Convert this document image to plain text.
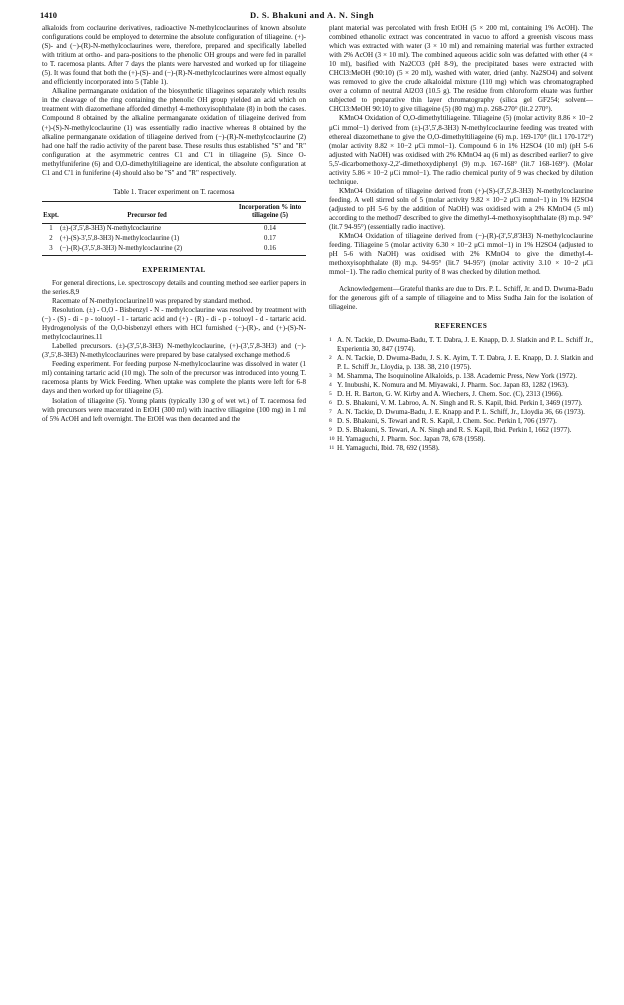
1410	D. S. Bhakuni and A. N. Singh

alkaloids from coclaurine derivatives, radioactive N-methylcoclaurines of known absolute configurations could be employed to determine the absolute configuration of tiliageine. (+)-(S)- and (−)-(R)-N-methylcoclaurines were, therefore, prepared and specifically labelled with tritium at ortho- and para-positions to the phenolic OH groups and were fed in parallel to T. racemosa plants. After 7 days the plants were harvested and worked up for tiliageine (5). It was found that both the (+)-(S)- and (−)-(R)-N-methylcoclaurines were almost equally and efficiently incorporated into 5 (Table 1).

Alkaline permanganate oxidation of the biosynthetic tiliageines separately which results in the cleavage of the ring containing the phenolic OH group yielded an acid which on treatment with diazomethane afforded dimethyl 4-methoxyisophthalate (8) in both the cases. Compound 8 obtained by the alkaline permanganate oxidation of tiliageine derived from (+)-(S)-N-methylcoclaurine (1) was essentially radio inactive whereas 8 obtained by the alkaline permanganate oxidation of tiliageine derived from (−)-(R)-N-methylcoclaurine (2) had one half the radio activity of the parent base. These results thus established "S" and "R" configuration at the asymmetric centres C1 and C'1 in tiliageine (5). Since O-methylfuniferine (6) and O,O-dimethyltiliageine are identical, the absolute configuration at C1 and C'1 in funiferine (4) should also be "S" and "R" respectively.

Table 1. Tracer experiment on T. racemosa
Expt.	Precursor fed	Incorporation % into tiliageine (5)
1	(±)-(3',5',8-3H3) N-methylcoclaurine	0.14
2	(+)-(S)-3',5',8-3H3) N-methylcoclaurine (1)	0.17
3	(−)-(R)-(3',5',8-3H3) N-methylcoclaurine (2)	0.16
EXPERIMENTAL

For general directions, i.e. spectroscopy details and counting method see earlier papers in the series.8,9

Racemate of N-methylcoclaurine10 was prepared by standard method.

Resolution. (±) - O,O - Bisbenzyl - N - methylcoclaurine was resolved by treatment with (−) - (S) - di - p - toluoyl - l - tartaric acid and (+) - (R) - di - p - toluoyl - d - tartaric acid. Hydrogenolysis of the O,O-bisbenzyl ethers with HCl furnished (−)-(R)-, and (+)-(S)-N-methylcoclaurines.11

Labelled precursors. (±)-(3',5',8-3H3) N-methylcoclaurine, (+)-(3',5',8-3H3) and (−)-(3',5',8-3H3) N-methylcoclaurines were prepared by base catalysed exchange method.6

Feeding experiment. For feeding purpose N-methylcoclaurine was dissolved in water (1 ml) containing tartaric acid (10 mg). The soln of the precursor was introduced into young T. racemosa plants by Wick Feeding. When uptake was complete the plants were left for 6-8 days and then worked up for tiliageine (5).

Isolation of tiliageine (5). Young plants (typically 130 g of wet wt.) of T. racemosa fed with precursors were macerated in EtOH (300 ml) with inactive tiliageine (100 mg) in 1 ml of 5% AcOH and left overnight. The EtOH was then decanted and the

plant material was percolated with fresh EtOH (5 × 200 ml, containing 1% AcOH). The combined ethanolic extract was concentrated in vacuo to afford a greenish viscous mass which was extracted with water (3 × 10 ml) and remaining material was further extracted with 2% AcOH (3 × 10 ml). The combined aqueous acidic soln was defatted with ether (4 × 10 ml), basified with Na2CO3 (pH 8-9), the precipitated bases were extracted with CHCl3:MeOH (90:10) (5 × 20 ml), washed with water, dried (anhy. Na2SO4) and solvent was removed to give the crude alkaloidal mixture (110 mg) which was chromatographed over a column of neutral Al2O3 (10.5 g). The residue from chloroform eluate was further subjected to preparative thin layer chromatography (silica gel GF254; solvent—CHCl3:MeOH 90:10) to give tiliageine (5) (80 mg) m.p. 268-270° (lit.2 270°).

KMnO4 Oxidation of O,O-dimethyltiliageine. Tiliageine (5) (molar activity 8.86 × 10−2 μCi mmol−1) derived from (±)-(3',5',8-3H3) N-methylcoclaurine feeding was treated with ethereal diazomethane to give the O,O-dimethyltiliageine (6) m.p. 169-170° (lit.1 170-172°) (molar activity 8.82 × 10−2 μCi mmol−1). Compound 6 in 1% H2SO4 (10 ml) (pH 5-6 adjusted with NaOH) was oxidised with 2% KMnO4 aq (6 ml) as described earlier7 to give 5,5'-dicarbomethoxy-2,2'-dimethoxydiphenyl (9) m.p. 167-168° (lit.7 168-169°). (Molar activity 5.86 × 10−2 μCi mmol−1). The radio chemical purity of 9 was checked by dilution technique.

KMnO4 Oxidation of tiliageine derived from (+)-(S)-(3',5',8-3H3) N-methylcoclaurine feeding. A well stirred soln of 5 (molar activity 9.82 × 10−2 μCi mmol−1) in 1% H2SO4 (adjusted to pH 5-6 by the addition of NaOH) was oxidised with a 2% KMnO4 (5 ml) according to the method7 described to give the dimethyl-4-methoxyisophthalate (8) m.p. 94° (lit.7 94-95°) (essentially radio inactive).

KMnO4 Oxidation of tiliageine derived from (−)-(R)-(3',5',8'3H3) N-methylcoclaurine feeding. Tiliageine 5 (molar activity 6.30 × 10−2 μCi mmol−1) in 1% H2SO4 (adjusted to pH 5-6 with NaOH) was oxidised with 2% KMnO4 to give the dimethyl-4-methoxyisophthalate (8) m.p. 94-95° (lit.7 94-95°) (molar activity 3.10 × 10−2 μCi mmol−1). The radio chemical purity of 8 was checked by dilution method.

Acknowledgement—Grateful thanks are due to Drs. P. L. Schiff, Jr. and D. Dwuma-Badu for the generous gift of a sample of tiliageine and to Miss Sudha Jain for the isolation of tiliageine.

REFERENCES
1 A. N. Tackie, D. Dwuma-Badu, T. T. Dabra, J. E. Knapp, D. J. Slatkin and P. L. Schiff Jr., Experientia 30, 847 (1974).
2 A. N. Tackie, D. Dwuma-Badu, J. S. K. Ayim, T. T. Dabra, J. E. Knapp, D. J. Slatkin and P. L. Schiff Jr., Lloydia, p. 138. 38, 210 (1975).
3 M. Shamma, The Isoquinoline Alkaloids, p. 138. Academic Press, New York (1972).
4 Y. Inubushi, K. Nomura and M. Miyawaki, J. Pharm. Soc. Japan 83, 1282 (1963).
5 D. H. R. Barton, G. W. Kirby and A. Wiechers, J. Chem. Soc. (C), 2313 (1966).
6 D. S. Bhakuni, V. M. Labroo, A. N. Singh and R. S. Kapil, Ibid. Perkin I, 3469 (1977).
7 A. N. Tackie, D. Dwuma-Badu, J. E. Knapp and P. L. Schiff, Jr., Lloydia 36, 66 (1973).
8 D. S. Bhakuni, S. Tewari and R. S. Kapil, J. Chem. Soc. Perkin I, 706 (1977).
9 D. S. Bhakuni, S. Tewari, A. N. Singh and R. S. Kapil, Ibid. Perkin I, 1662 (1977).
10 H. Yamaguchi, J. Pharm. Soc. Japan 78, 678 (1958).
11 H. Yamaguchi, Ibid. 78, 692 (1958).
